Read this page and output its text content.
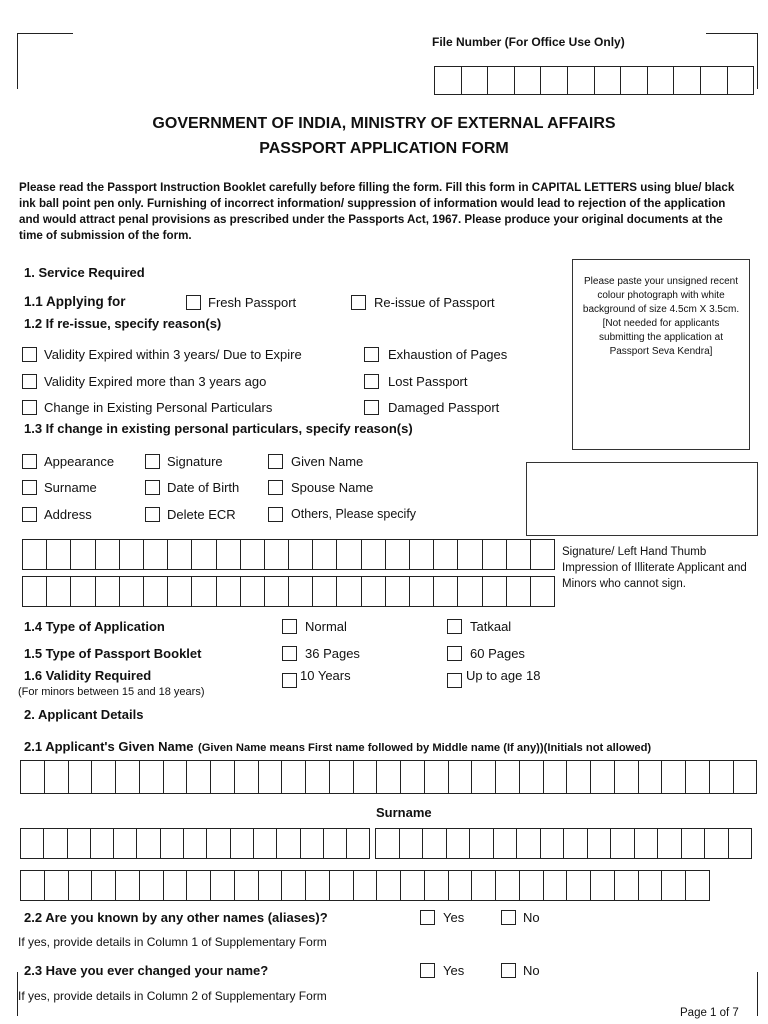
File Number (For Office Use Only)
GOVERNMENT OF INDIA, MINISTRY OF EXTERNAL AFFAIRS
PASSPORT APPLICATION FORM
Please read the Passport Instruction Booklet carefully before filling the form. Fill this form in CAPITAL LETTERS using blue/ black ink ball point pen only. Furnishing of incorrect information/ suppression of information would lead to rejection of the application and would attract penal provisions as prescribed under the Passports Act, 1967. Please produce your original documents at the time of submission of the form.
1. Service Required
Please paste your unsigned recent colour photograph with white background of size 4.5cm X 3.5cm. [Not needed for applicants submitting the application at Passport Seva Kendra]
1.1 Applying for	Fresh Passport	Re-issue of Passport
1.2 If re-issue, specify reason(s)
Validity Expired within 3 years/ Due to Expire	Exhaustion of Pages
Validity Expired more than 3 years ago	Lost Passport
Change in Existing Personal Particulars	Damaged Passport
1.3 If change in existing personal particulars, specify reason(s)
Appearance	Signature	Given Name
Surname	Date of Birth	Spouse Name
Address	Delete ECR	Others, Please specify
Signature/ Left Hand Thumb Impression of Illiterate Applicant and Minors who cannot sign.
1.4 Type of Application	Normal	Tatkaal
1.5 Type of Passport Booklet	36 Pages	60 Pages
1.6 Validity Required
(For minors between 15 and 18 years)
10 Years	Up to age 18
2. Applicant Details
2.1 Applicant's Given Name (Given Name means First name followed by Middle name (If any))(Initials not allowed)
Surname
2.2 Are you known by any other names (aliases)?	Yes	No
If yes, provide details in Column 1 of Supplementary Form
2.3 Have you ever changed your name?	Yes	No
If yes, provide details in Column 2 of Supplementary Form
Page 1 of 7
